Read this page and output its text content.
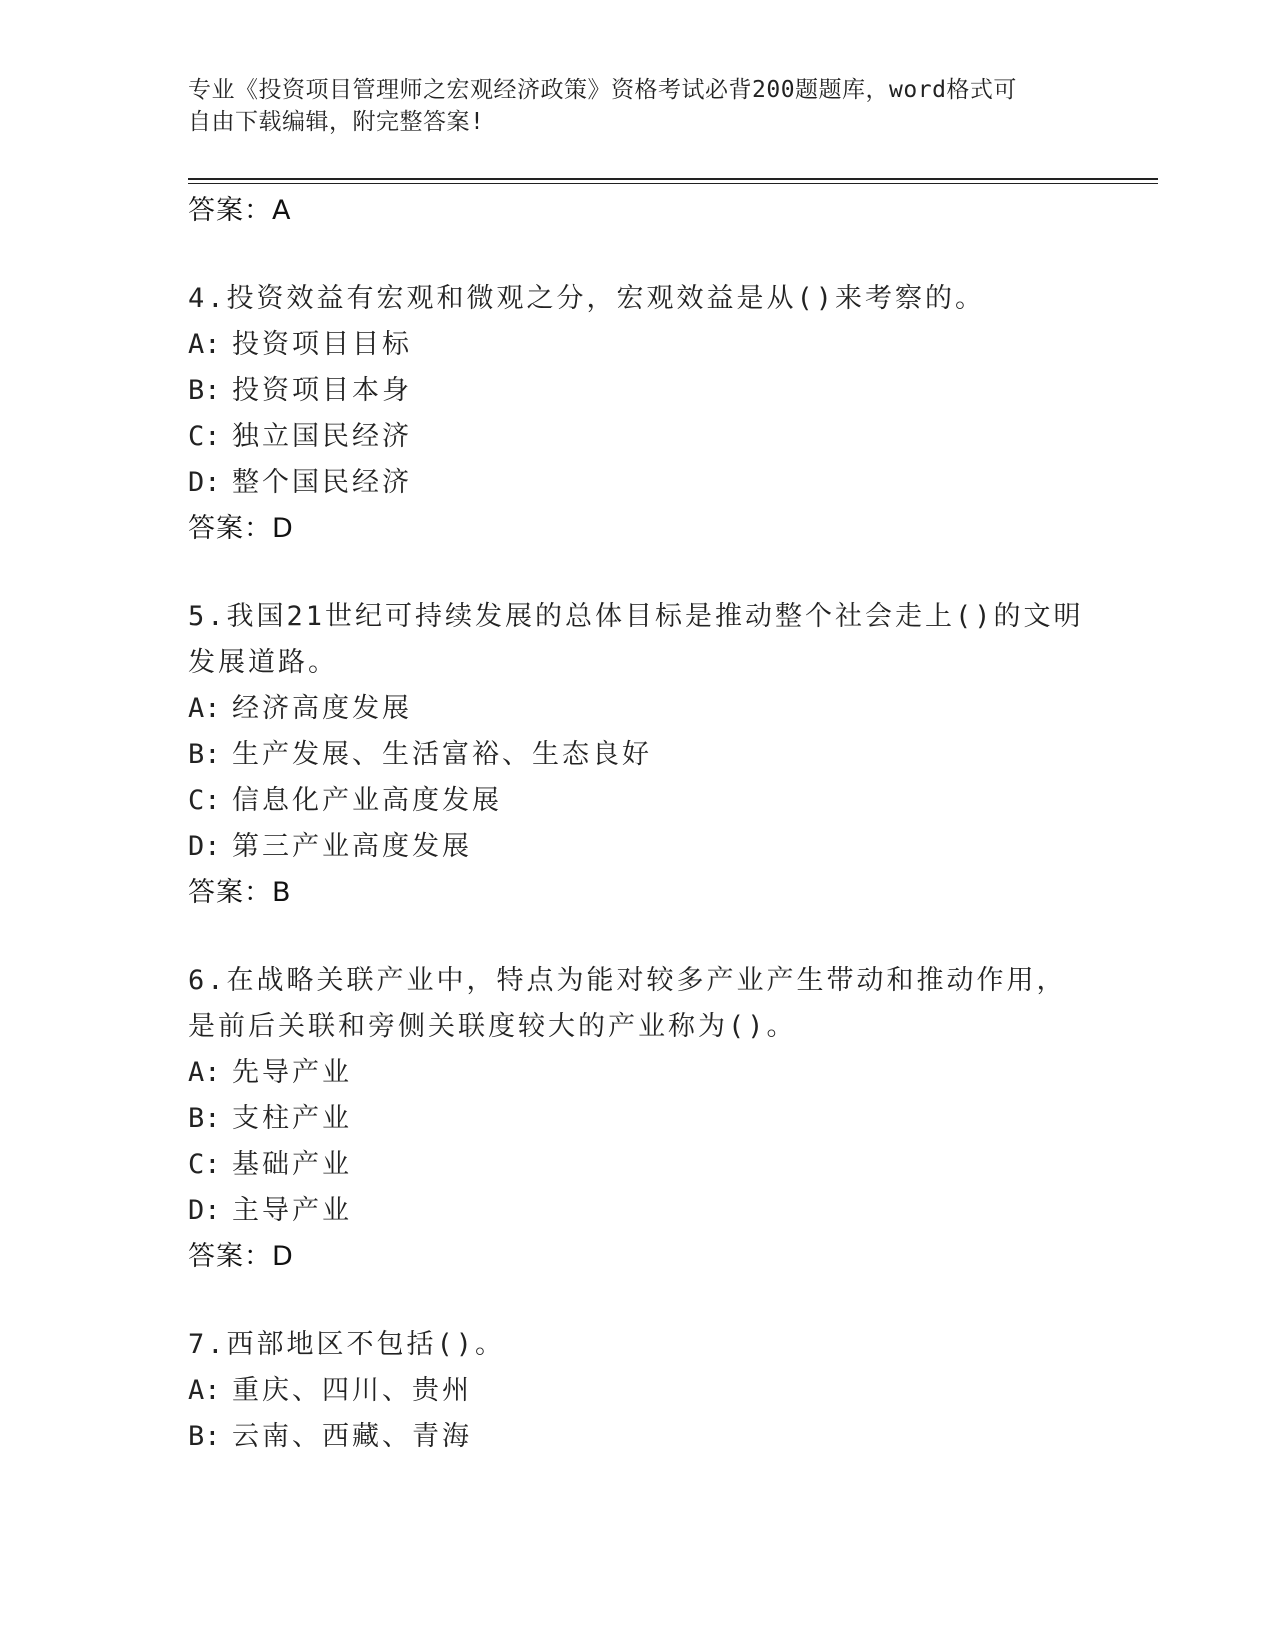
专业《投资项目管理师之宏观经济政策》资格考试必背200题题库，word格式可
自由下载编辑，附完整答案!
答案：A
4.投资效益有宏观和微观之分，宏观效益是从()来考察的。
A: 投资项目目标
B: 投资项目本身
C: 独立国民经济
D: 整个国民经济
答案：D
5.我国21世纪可持续发展的总体目标是推动整个社会走上()的文明发展道路。
A: 经济高度发展
B: 生产发展、生活富裕、生态良好
C: 信息化产业高度发展
D: 第三产业高度发展
答案：B
6.在战略关联产业中，特点为能对较多产业产生带动和推动作用，是前后关联和旁侧关联度较大的产业称为()。
A: 先导产业
B: 支柱产业
C: 基础产业
D: 主导产业
答案：D
7.西部地区不包括()。
A: 重庆、四川、贵州
B: 云南、西藏、青海
